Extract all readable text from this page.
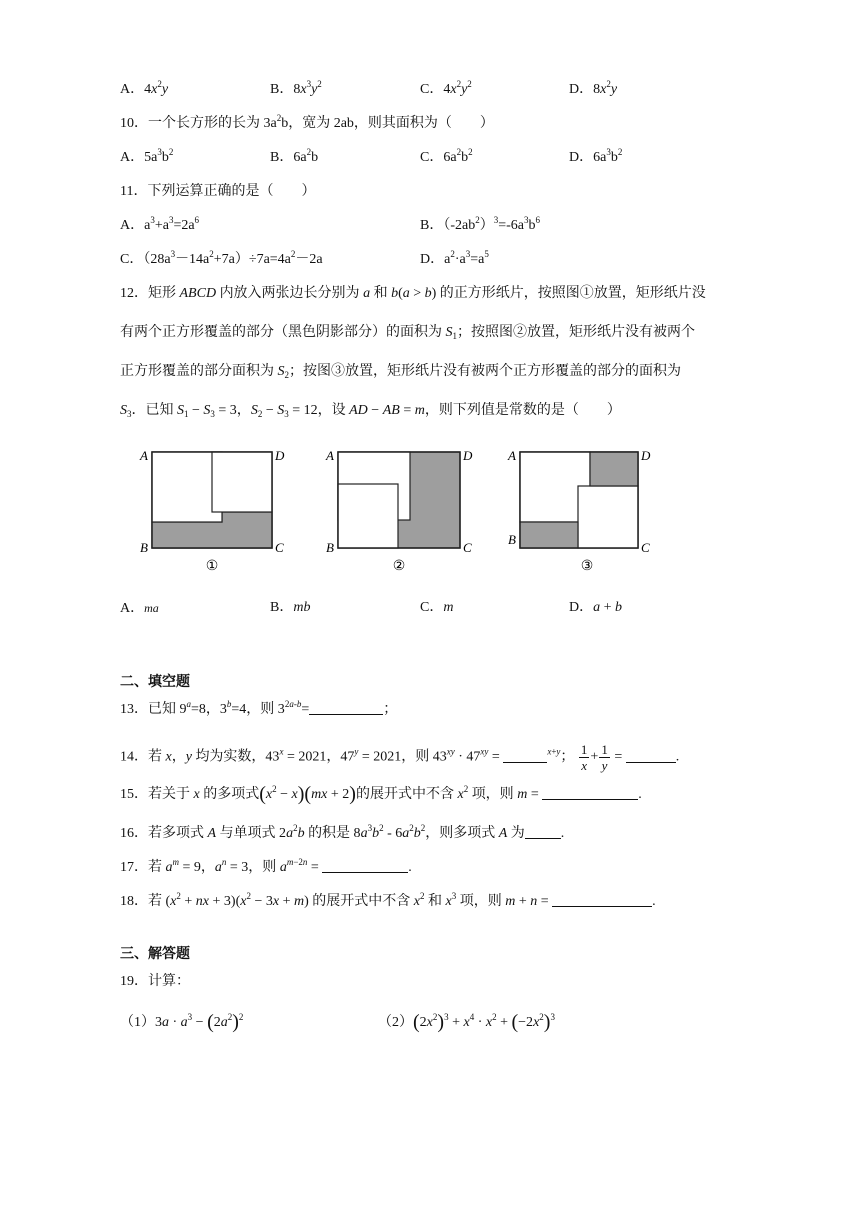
A．$4x^2y$	B．$8x^3y^2$	C．$4x^2y^2$	D．$8x^2y$
10．一个长方形的长为 $3a^2b$，宽为 2ab，则其面积为（　　）
A．$5a^3b^2$	B．$6a^2b$	C．$6a^2b^2$	D．$6a^3b^2$
11．下列运算正确的是（　　）
A．$a^3+a^3=2a^6$	B．$(-2ab^2)^3=-6a^3b^6$
C．$(28a^3-14a^2+7a)\div 7a=4a^2-2a$	D．$a^2\cdot a^3=a^5$
12．矩形 ABCD 内放入两张边长分别为 a 和 b(a > b) 的正方形纸片，按照图①放置，矩形纸片没
有两个正方形覆盖的部分（黑色阴影部分）的面积为 $S_1$；按照图②放置，矩形纸片没有被两个
正方形覆盖的部分面积为 $S_2$；按图③放置，矩形纸片没有被两个正方形覆盖的部分的面积为
$S_3$．已知 $S_1 - S_3 = 3$，$S_2 - S_3 = 12$，设 AD − AB = m，则下列值是常数的是（　　）
A	D
B	C
①
A	D
B	C
②
A	D
B
C
③
A．ma	B．mb	C．m	D．a + b
二、填空题
13．已知 $9^a=8$，$3^b=4$，则 $3^{2a-b}=$	；
14．若 x，y 均为实数，$43^x = 2021$，$47^y = 2021$，则 $43^{xy} \cdot 47^{xy}$ =	$^{x+y}$； $\frac{1}{x} + \frac{1}{y}$ =	.
15．若关于 x 的多项式$(x^2 - x)(mx + 2)$的展开式中不含 $x^2$ 项，则 m =	.
16．若多项式 A 与单项式 $2a^2b$ 的积是 $8a^3b^2 - 6a^2b^2$，则多项式 A 为	.
17．若 $a^m = 9$，$a^n = 3$，则 $a^{m-2n}$ =	.
18．若 ($x^2$ + nx + $3)(x^2 - 3x + m)$ 的展开式中不含 $x^2$ 和 $x^3$ 项，则 m + n =	.
三、解答题
19．计算：
$(1)3a \cdot a^3 - (2a^2)^2$	$(2)(2x^2)^3 + x^4 \cdot x^2 + (-2x^2)^3$
